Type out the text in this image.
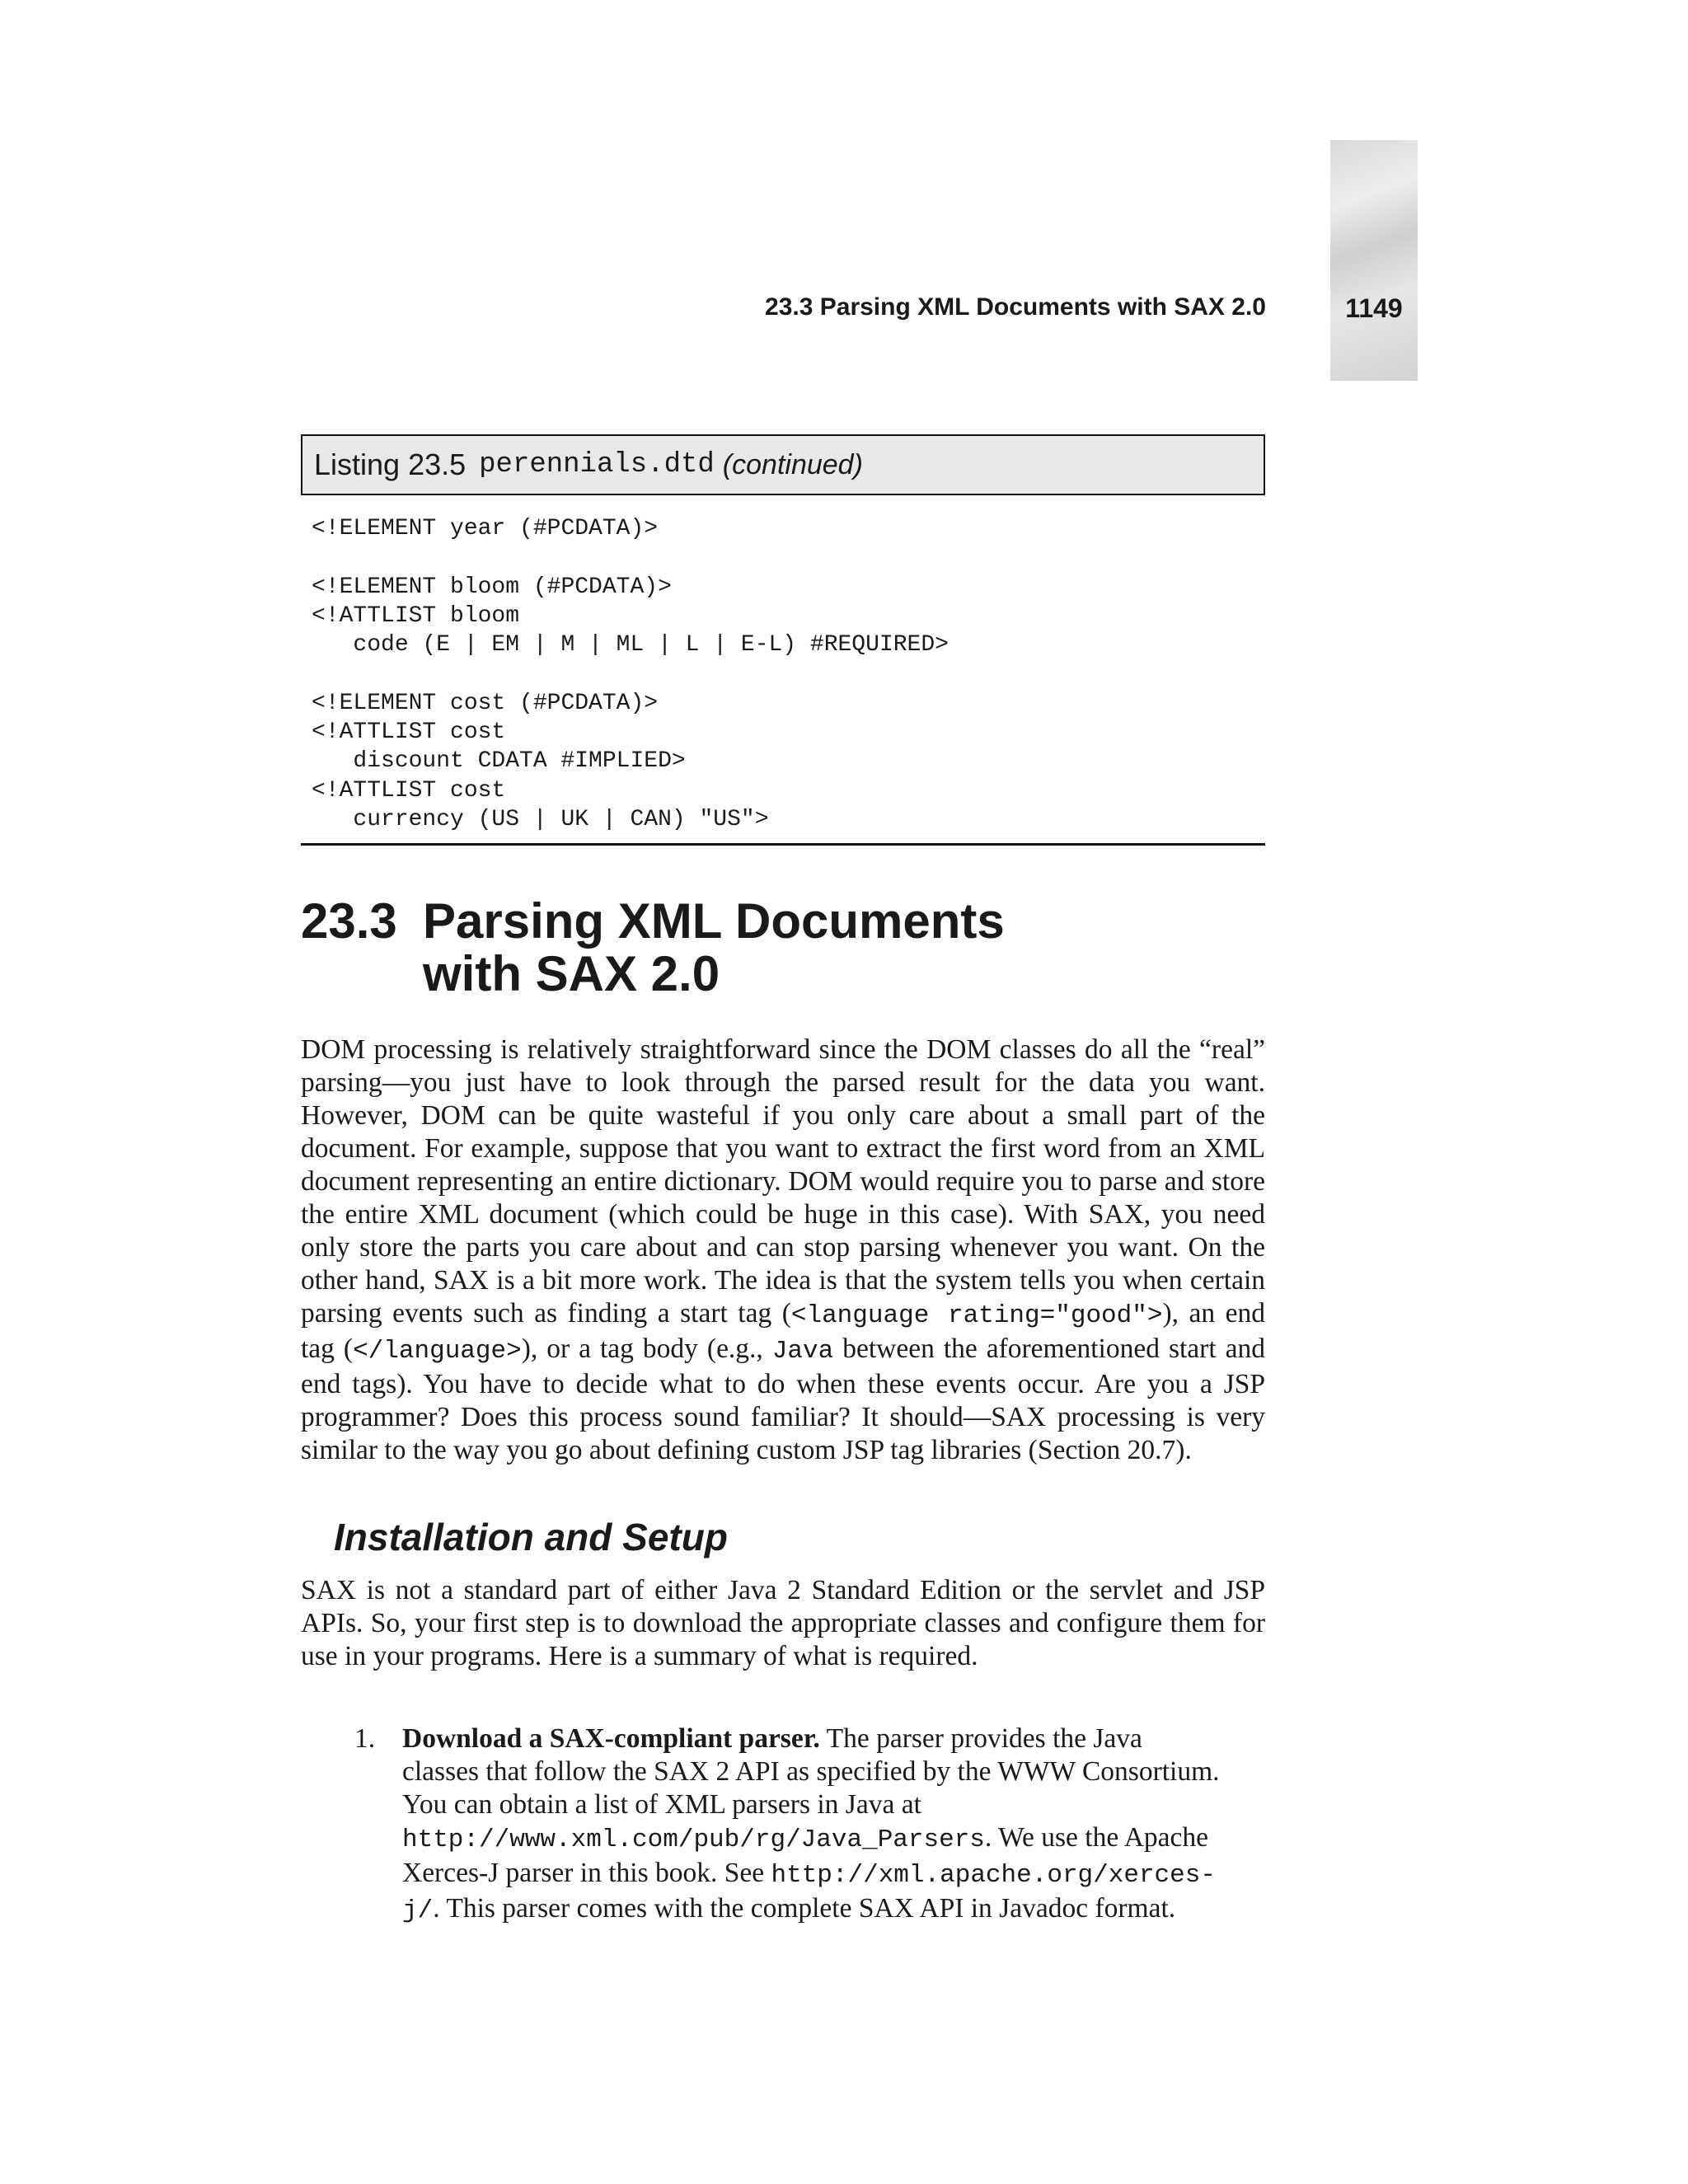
23.3 Parsing XML Documents with SAX 2.0	1149
Listing 23.5 perennials.dtd (continued)
<!ELEMENT year (#PCDATA)>

<!ELEMENT bloom (#PCDATA)>
<!ATTLIST bloom
code (E | EM | M | ML | L | E-L) #REQUIRED>

<!ELEMENT cost (#PCDATA)>
<!ATTLIST cost
discount CDATA #IMPLIED>
<!ATTLIST cost
currency (US | UK | CAN) "US">
23.3 Parsing XML Documents
with SAX 2.0

DOM processing is relatively straightforward since the DOM classes do all the “real” parsing—you just have to look through the parsed result for the data you want. However, DOM can be quite wasteful if you only care about a small part of the document. For example, suppose that you want to extract the first word from an XML document representing an entire dictionary. DOM would require you to parse and store the entire XML document (which could be huge in this case). With SAX, you need only store the parts you care about and can stop parsing whenever you want. On the other hand, SAX is a bit more work. The idea is that the system tells you when certain parsing events such as finding a start tag (<language rating="good">), an end tag (</language>), or a tag body (e.g., Java between the aforementioned start and end tags). You have to decide what to do when these events occur. Are you a JSP programmer? Does this process sound familiar? It should—SAX processing is very similar to the way you go about defining custom JSP tag libraries (Section 20.7).

Installation and Setup

SAX is not a standard part of either Java 2 Standard Edition or the servlet and JSP APIs. So, your first step is to download the appropriate classes and configure them for use in your programs. Here is a summary of what is required.

1. Download a SAX-compliant parser. The parser provides the Java classes that follow the SAX 2 API as specified by the WWW Consortium. You can obtain a list of XML parsers in Java at http://www.xml.com/pub/rg/Java_Parsers. We use the Apache Xerces-J parser in this book. See http://xml.apache.org/xerces-j/. This parser comes with the complete SAX API in Javadoc format.
